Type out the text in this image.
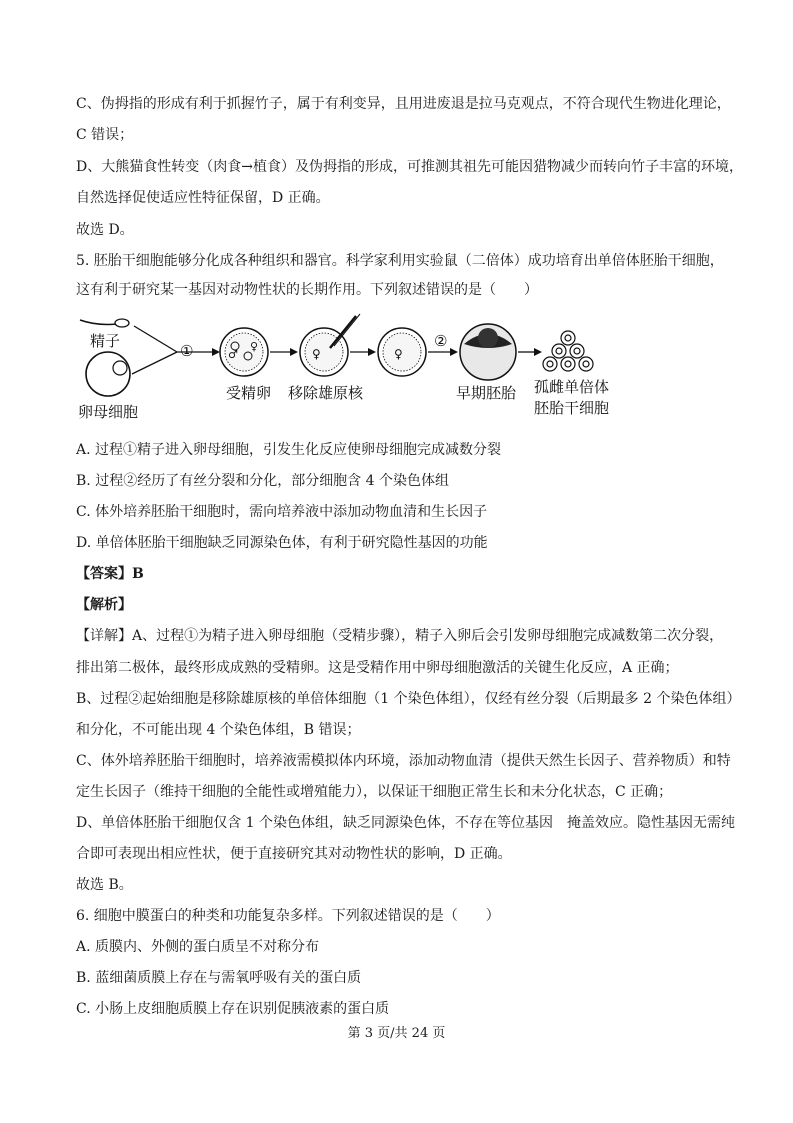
C、伪拇指的形成有利于抓握竹子，属于有利变异，且用进废退是拉马克观点，不符合现代生物进化理论，
C 错误；
D、大熊猫食性转变（肉食→植食）及伪拇指的形成，可推测其祖先可能因猎物减少而转向竹子丰富的环境，
自然选择促使适应性特征保留，D 正确。
故选 D。
5. 胚胎干细胞能够分化成各种组织和器官。科学家利用实验鼠（二倍体）成功培育出单倍体胚胎干细胞，
这有利于研究某一基因对动物性状的长期作用。下列叙述错误的是（　　）
精子
卵母细胞
①	♂
♀
受精卵
♀
移除雄原核
♀
②
早期胚胎 孤雌单倍体
胚胎干细胞
A. 过程①精子进入卵母细胞，引发生化反应使卵母细胞完成减数分裂
B. 过程②经历了有丝分裂和分化，部分细胞含 4 个染色体组
C. 体外培养胚胎干细胞时，需向培养液中添加动物血清和生长因子
D. 单倍体胚胎干细胞缺乏同源染色体，有利于研究隐性基因的功能
【答案】B
【解析】
【详解】A、过程①为精子进入卵母细胞（受精步骤），精子入卵后会引发卵母细胞完成减数第二次分裂，
排出第二极体，最终形成成熟的受精卵。这是受精作用中卵母细胞激活的关键生化反应，A 正确；
B、过程②起始细胞是移除雄原核的单倍体细胞（1 个染色体组），仅经有丝分裂（后期最多 2 个染色体组）
和分化，不可能出现 4 个染色体组，B 错误；
C、体外培养胚胎干细胞时，培养液需模拟体内环境，添加动物血清（提供天然生长因子、营养物质）和特
定生长因子（维持干细胞的全能性或增殖能力），以保证干细胞正常生长和未分化状态，C 正确；
D、单倍体胚胎干细胞仅含 1 个染色体组，缺乏同源染色体，不存在等位基因　掩盖效应。隐性基因无需纯
合即可表现出相应性状，便于直接研究其对动物性状的影响，D 正确。
故选 B。
6. 细胞中膜蛋白的种类和功能复杂多样。下列叙述错误的是（　　）
A. 质膜内、外侧的蛋白质呈不对称分布
B. 蓝细菌质膜上存在与需氧呼吸有关的蛋白质
C. 小肠上皮细胞质膜上存在识别促胰液素的蛋白质
第 3 页/共 24 页
